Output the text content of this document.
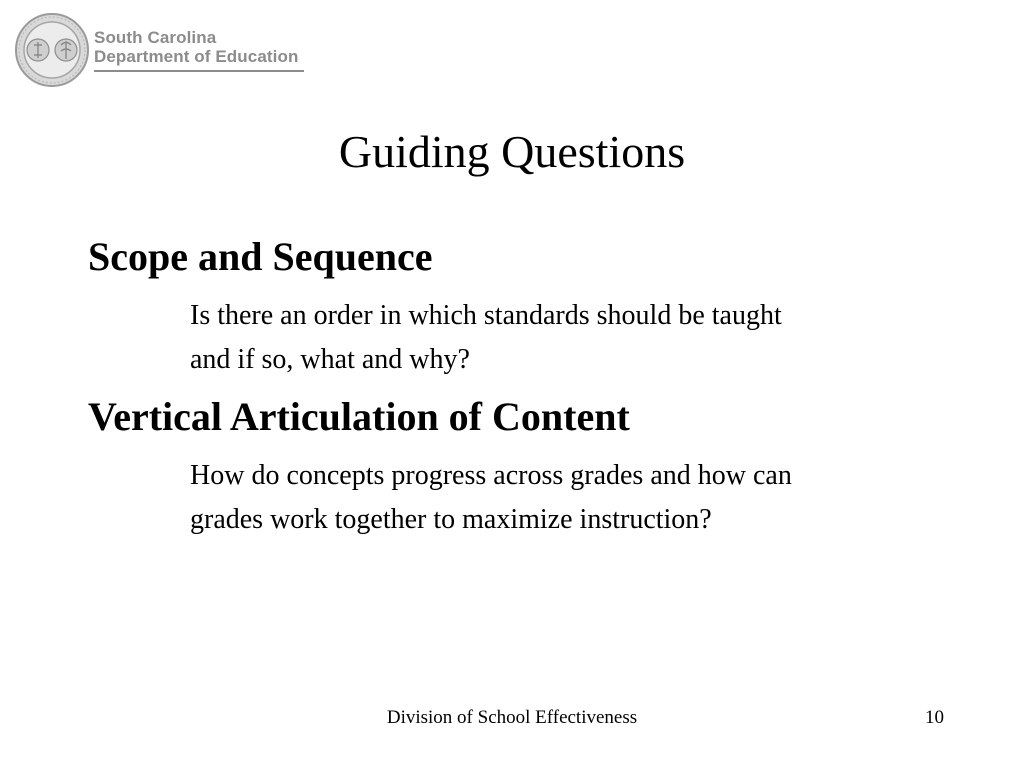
South Carolina
Department of Education
Guiding Questions
Scope and Sequence
Is there an order in which standards should be taught
and if so, what and why?
Vertical Articulation of Content
How do concepts progress across grades and how can
grades work together to maximize instruction?
Division of School Effectiveness	10
